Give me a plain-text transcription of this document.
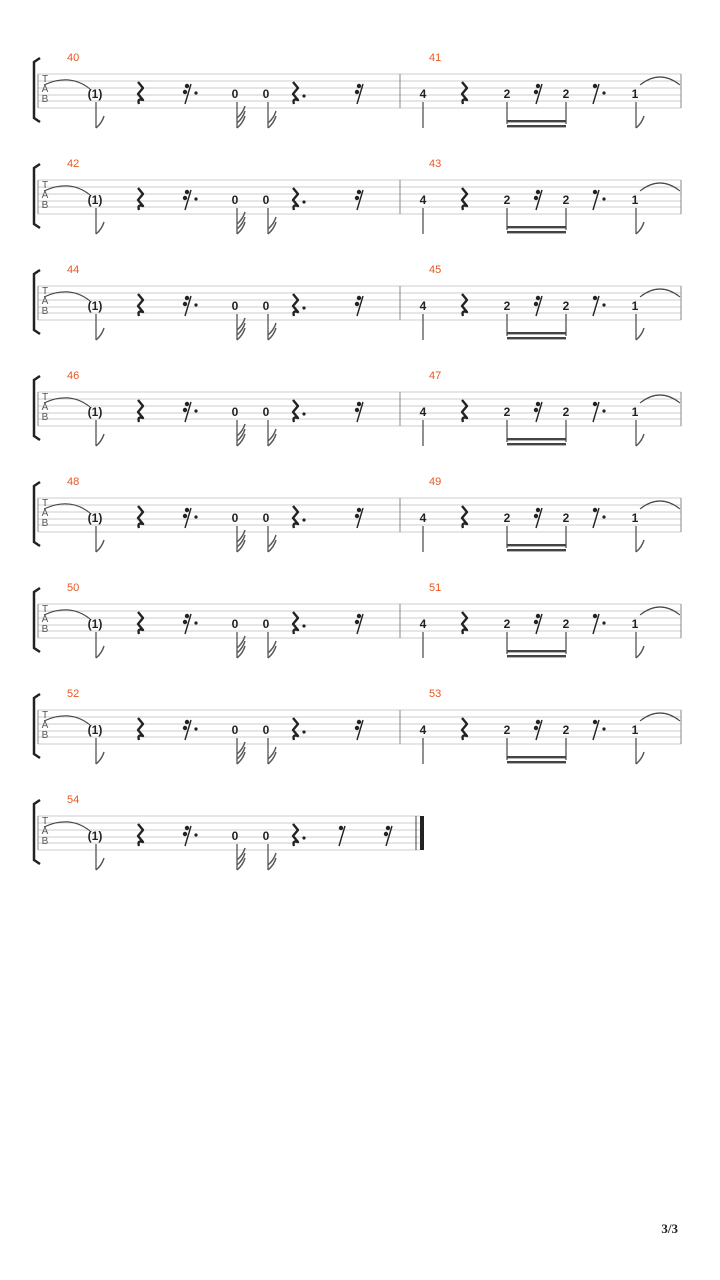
T
A
B
40
(1)	0 0
41
4	2	2	1
T
A
B
42
(1)	0 0
43
4	2	2	1
T
A
B
44
(1)	0 0
45
4	2	2	1
T
A
B
46
(1)	0 0
47
4	2	2	1
T
A
B
48
(1)	0 0
49
4	2	2	1
T
A
B
50
(1)	0 0
51
4	2	2	1
T
A
B
52
(1)	0 0
53
4	2	2	1
T
A
B
54
(1)	0 0
3/3
